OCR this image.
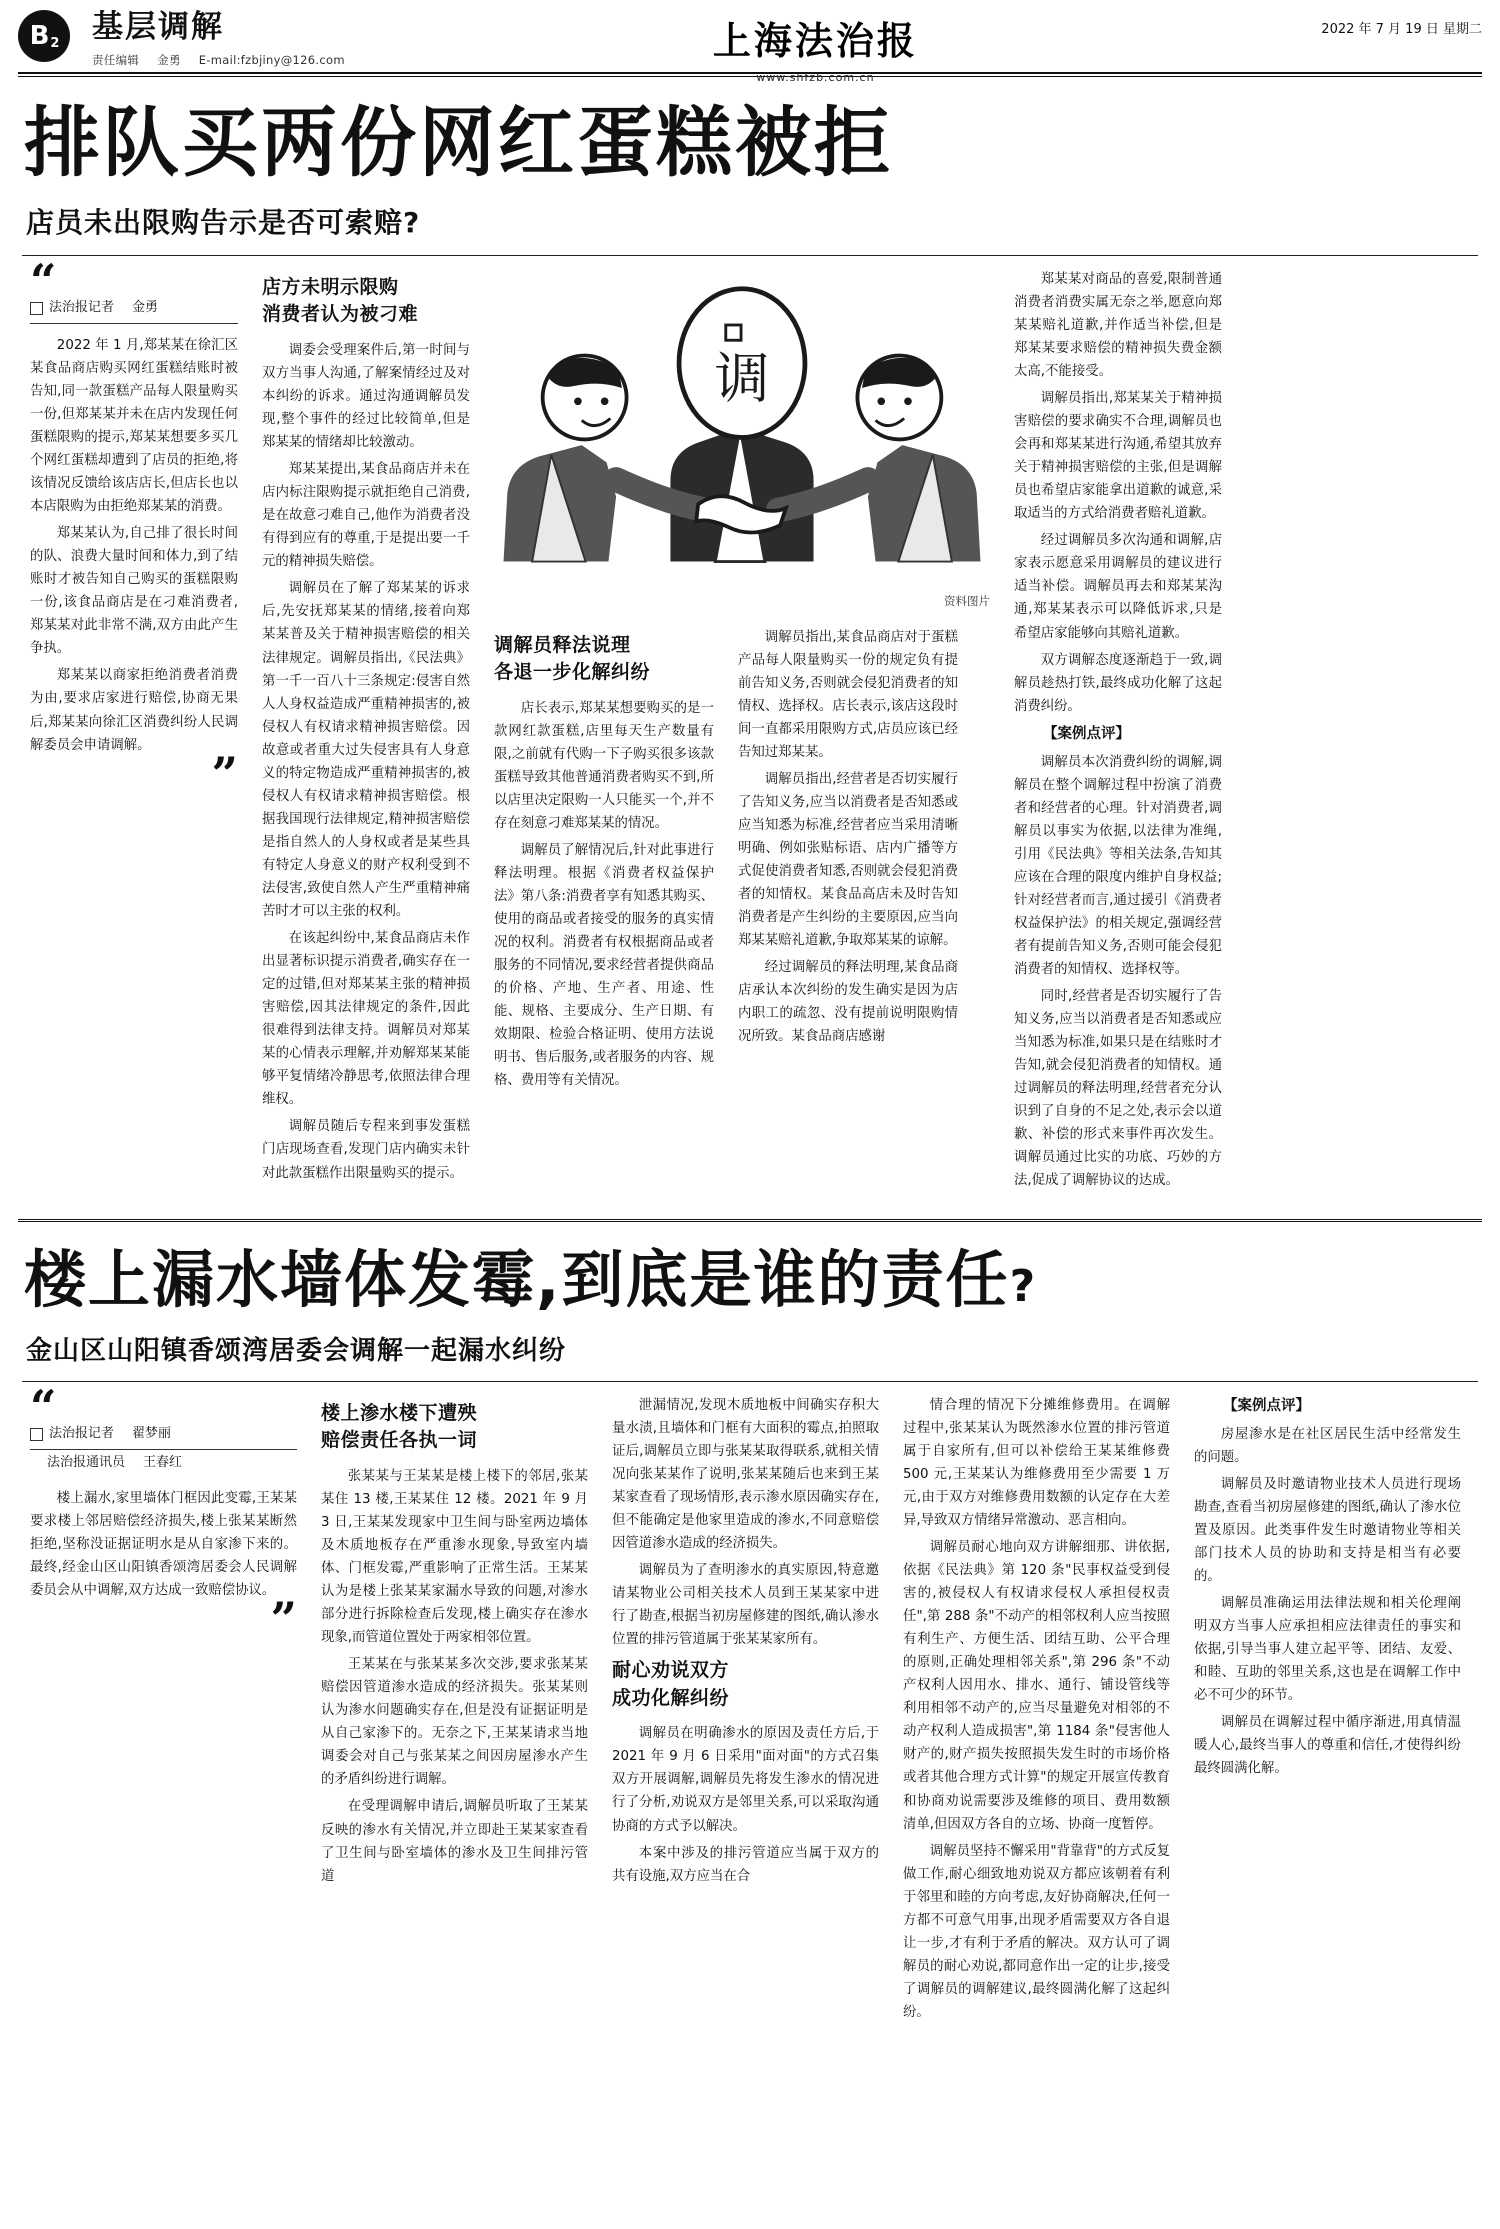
B 2 基层调解
责任编辑 金勇 E-mail:fzbjiny@126.com	上海法治报
www.shfzb.com.cn
2022 年 7 月 19 日 星期二
排队买两份网红蛋糕被拒
店员未出限购告示是否可索赔?
“
法治报记者 金勇

2022 年 1 月,郑某某在徐汇区某食品商店购买网红蛋糕结账时被告知,同一款蛋糕产品每人限量购买一份,但郑某某并未在店内发现任何蛋糕限购的提示,郑某某想要多买几个网红蛋糕却遭到了店员的拒绝,将该情况反馈给该店店长,但店长也以本店限购为由拒绝郑某某的消费。

郑某某认为,自己排了很长时间的队、浪费大量时间和体力,到了结账时才被告知自己购买的蛋糕限购一份,该食品商店是在刁难消费者,郑某某对此非常不满,双方由此产生争执。

郑某某以商家拒绝消费者消费为由,要求店家进行赔偿,协商无果后,郑某某向徐汇区消费纠纷人民调解委员会申请调解。

”
店方未明示限购
消费者认为被刁难

调委会受理案件后,第一时间与双方当事人沟通,了解案情经过及对本纠纷的诉求。通过沟通调解员发现,整个事件的经过比较简单,但是郑某某的情绪却比较激动。

郑某某提出,某食品商店并未在店内标注限购提示就拒绝自己消费,是在故意刁难自己,他作为消费者没有得到应有的尊重,于是提出要一千元的精神损失赔偿。

调解员在了解了郑某某的诉求后,先安抚郑某某的情绪,接着向郑某某普及关于精神损害赔偿的相关法律规定。调解员指出,《民法典》第一千一百八十三条规定:侵害自然人人身权益造成严重精神损害的,被侵权人有权请求精神损害赔偿。因故意或者重大过失侵害具有人身意义的特定物造成严重精神损害的,被侵权人有权请求精神损害赔偿。根据我国现行法律规定,精神损害赔偿是指自然人的人身权或者是某些具有特定人身意义的财产权利受到不法侵害,致使自然人产生严重精神痛苦时才可以主张的权利。

在该起纠纷中,某食品商店未作出显著标识提示消费者,确实存在一定的过错,但对郑某某主张的精神损害赔偿,因其法律规定的条件,因此很难得到法律支持。调解员对郑某某的心情表示理解,并劝解郑某某能够平复情绪冷静思考,依照法律合理维权。

调解员随后专程来到事发蛋糕门店现场查看,发现门店内确实未针对此款蛋糕作出限量购买的提示。

调
资料图片
调解员释法说理
各退一步化解纠纷

店长表示,郑某某想要购买的是一款网红款蛋糕,店里每天生产数量有限,之前就有代购一下子购买很多该款蛋糕导致其他普通消费者购买不到,所以店里决定限购一人只能买一个,并不存在刻意刁难郑某某的情况。

调解员了解情况后,针对此事进行释法明理。根据《消费者权益保护法》第八条:消费者享有知悉其购买、使用的商品或者接受的服务的真实情况的权利。消费者有权根据商品或者服务的不同情况,要求经营者提供商品的价格、产地、生产者、用途、性能、规格、主要成分、生产日期、有效期限、检验合格证明、使用方法说明书、售后服务,或者服务的内容、规格、费用等有关情况。

调解员指出,某食品商店对于蛋糕产品每人限量购买一份的规定负有提前告知义务,否则就会侵犯消费者的知情权、选择权。店长表示,该店这段时间一直都采用限购方式,店员应该已经告知过郑某某。

调解员指出,经营者是否切实履行了告知义务,应当以消费者是否知悉或应当知悉为标准,经营者应当采用清晰明确、例如张贴标语、店内广播等方式促使消费者知悉,否则就会侵犯消费者的知情权。某食品高店未及时告知消费者是产生纠纷的主要原因,应当向郑某某赔礼道歉,争取郑某某的谅解。

经过调解员的释法明理,某食品商店承认本次纠纷的发生确实是因为店内职工的疏忽、没有提前说明限购情况所致。某食品商店感谢

郑某某对商品的喜爱,限制普通消费者消费实属无奈之举,愿意向郑某某赔礼道歉,并作适当补偿,但是郑某某要求赔偿的精神损失费金额太高,不能接受。

调解员指出,郑某某关于精神损害赔偿的要求确实不合理,调解员也会再和郑某某进行沟通,希望其放弃关于精神损害赔偿的主张,但是调解员也希望店家能拿出道歉的诚意,采取适当的方式给消费者赔礼道歉。

经过调解员多次沟通和调解,店家表示愿意采用调解员的建议进行适当补偿。调解员再去和郑某某沟通,郑某某表示可以降低诉求,只是希望店家能够向其赔礼道歉。

双方调解态度逐渐趋于一致,调解员趁热打铁,最终成功化解了这起消费纠纷。

【案例点评】

调解员本次消费纠纷的调解,调解员在整个调解过程中扮演了消费者和经营者的心理。针对消费者,调解员以事实为依据,以法律为准绳,引用《民法典》等相关法条,告知其应该在合理的限度内维护自身权益;针对经营者而言,通过援引《消费者权益保护法》的相关规定,强调经营者有提前告知义务,否则可能会侵犯消费者的知情权、选择权等。

同时,经营者是否切实履行了告知义务,应当以消费者是否知悉或应当知悉为标准,如果只是在结账时才告知,就会侵犯消费者的知情权。通过调解员的释法明理,经营者充分认识到了自身的不足之处,表示会以道歉、补偿的形式来事件再次发生。调解员通过比实的功底、巧妙的方法,促成了调解协议的达成。

楼上漏水墙体发霉,到底是谁的责任?
金山区山阳镇香颂湾居委会调解一起漏水纠纷
“
法治报记者 翟梦丽
法治报通讯员 王春红

楼上漏水,家里墙体门框因此变霉,王某某要求楼上邻居赔偿经济损失,楼上张某某断然拒绝,坚称没证据证明水是从自家渗下来的。最终,经金山区山阳镇香颂湾居委会人民调解委员会从中调解,双方达成一致赔偿协议。

”
楼上渗水楼下遭殃
赔偿责任各执一词

张某某与王某某是楼上楼下的邻居,张某某住 13 楼,王某某住 12 楼。2021 年 9 月 3 日,王某某发现家中卫生间与卧室两边墙体及木质地板存在严重渗水现象,导致室内墙体、门框发霉,严重影响了正常生活。王某某认为是楼上张某某家漏水导致的问题,对渗水部分进行拆除检查后发现,楼上确实存在渗水现象,而管道位置处于两家相邻位置。

王某某在与张某某多次交涉,要求张某某赔偿因管道渗水造成的经济损失。张某某则认为渗水问题确实存在,但是没有证据证明是从自己家渗下的。无奈之下,王某某请求当地调委会对自己与张某某之间因房屋渗水产生的矛盾纠纷进行调解。

在受理调解申请后,调解员听取了王某某反映的渗水有关情况,并立即赴王某某家查看了卫生间与卧室墙体的渗水及卫生间排污管道

泄漏情况,发现木质地板中间确实存积大量水渍,且墙体和门框有大面积的霉点,拍照取证后,调解员立即与张某某取得联系,就相关情况向张某某作了说明,张某某随后也来到王某某家查看了现场情形,表示渗水原因确实存在,但不能确定是他家里造成的渗水,不同意赔偿因管道渗水造成的经济损失。

调解员为了查明渗水的真实原因,特意邀请某物业公司相关技术人员到王某某家中进行了勘查,根据当初房屋修建的图纸,确认渗水位置的排污管道属于张某某家所有。

耐心劝说双方
成功化解纠纷

调解员在明确渗水的原因及责任方后,于 2021 年 9 月 6 日采用"面对面"的方式召集双方开展调解,调解员先将发生渗水的情况进行了分析,劝说双方是邻里关系,可以采取沟通协商的方式予以解决。

本案中涉及的排污管道应当属于双方的共有设施,双方应当在合

情合理的情况下分摊维修费用。在调解过程中,张某某认为既然渗水位置的排污管道属于自家所有,但可以补偿给王某某维修费 500 元,王某某认为维修费用至少需要 1 万元,由于双方对维修费用数额的认定存在大差异,导致双方情绪异常激动、恶言相向。

调解员耐心地向双方讲解细那、讲依据,依据《民法典》第 120 条"民事权益受到侵害的,被侵权人有权请求侵权人承担侵权责任",第 288 条"不动产的相邻权利人应当按照有利生产、方便生活、团结互助、公平合理的原则,正确处理相邻关系",第 296 条"不动产权利人因用水、排水、通行、铺设管线等利用相邻不动产的,应当尽量避免对相邻的不动产权利人造成损害",第 1184 条"侵害他人财产的,财产损失按照损失发生时的市场价格或者其他合理方式计算"的规定开展宣传教育和协商劝说需要涉及维修的项目、费用数额清单,但因双方各自的立场、协商一度暂停。

调解员坚持不懈采用"背靠背"的方式反复做工作,耐心细致地劝说双方都应该朝着有利于邻里和睦的方向考虑,友好协商解决,任何一方都不可意气用事,出现矛盾需要双方各自退让一步,才有利于矛盾的解决。双方认可了调解员的耐心劝说,都同意作出一定的让步,接受了调解员的调解建议,最终圆满化解了这起纠纷。

【案例点评】

房屋渗水是在社区居民生活中经常发生的问题。

调解员及时邀请物业技术人员进行现场勘查,查看当初房屋修建的图纸,确认了渗水位置及原因。此类事件发生时邀请物业等相关部门技术人员的协助和支持是相当有必要的。

调解员准确运用法律法规和相关伦理阐明双方当事人应承担相应法律责任的事实和依据,引导当事人建立起平等、团结、友爱、和睦、互助的邻里关系,这也是在调解工作中必不可少的环节。

调解员在调解过程中循序渐进,用真情温暖人心,最终当事人的尊重和信任,才使得纠纷最终圆满化解。
